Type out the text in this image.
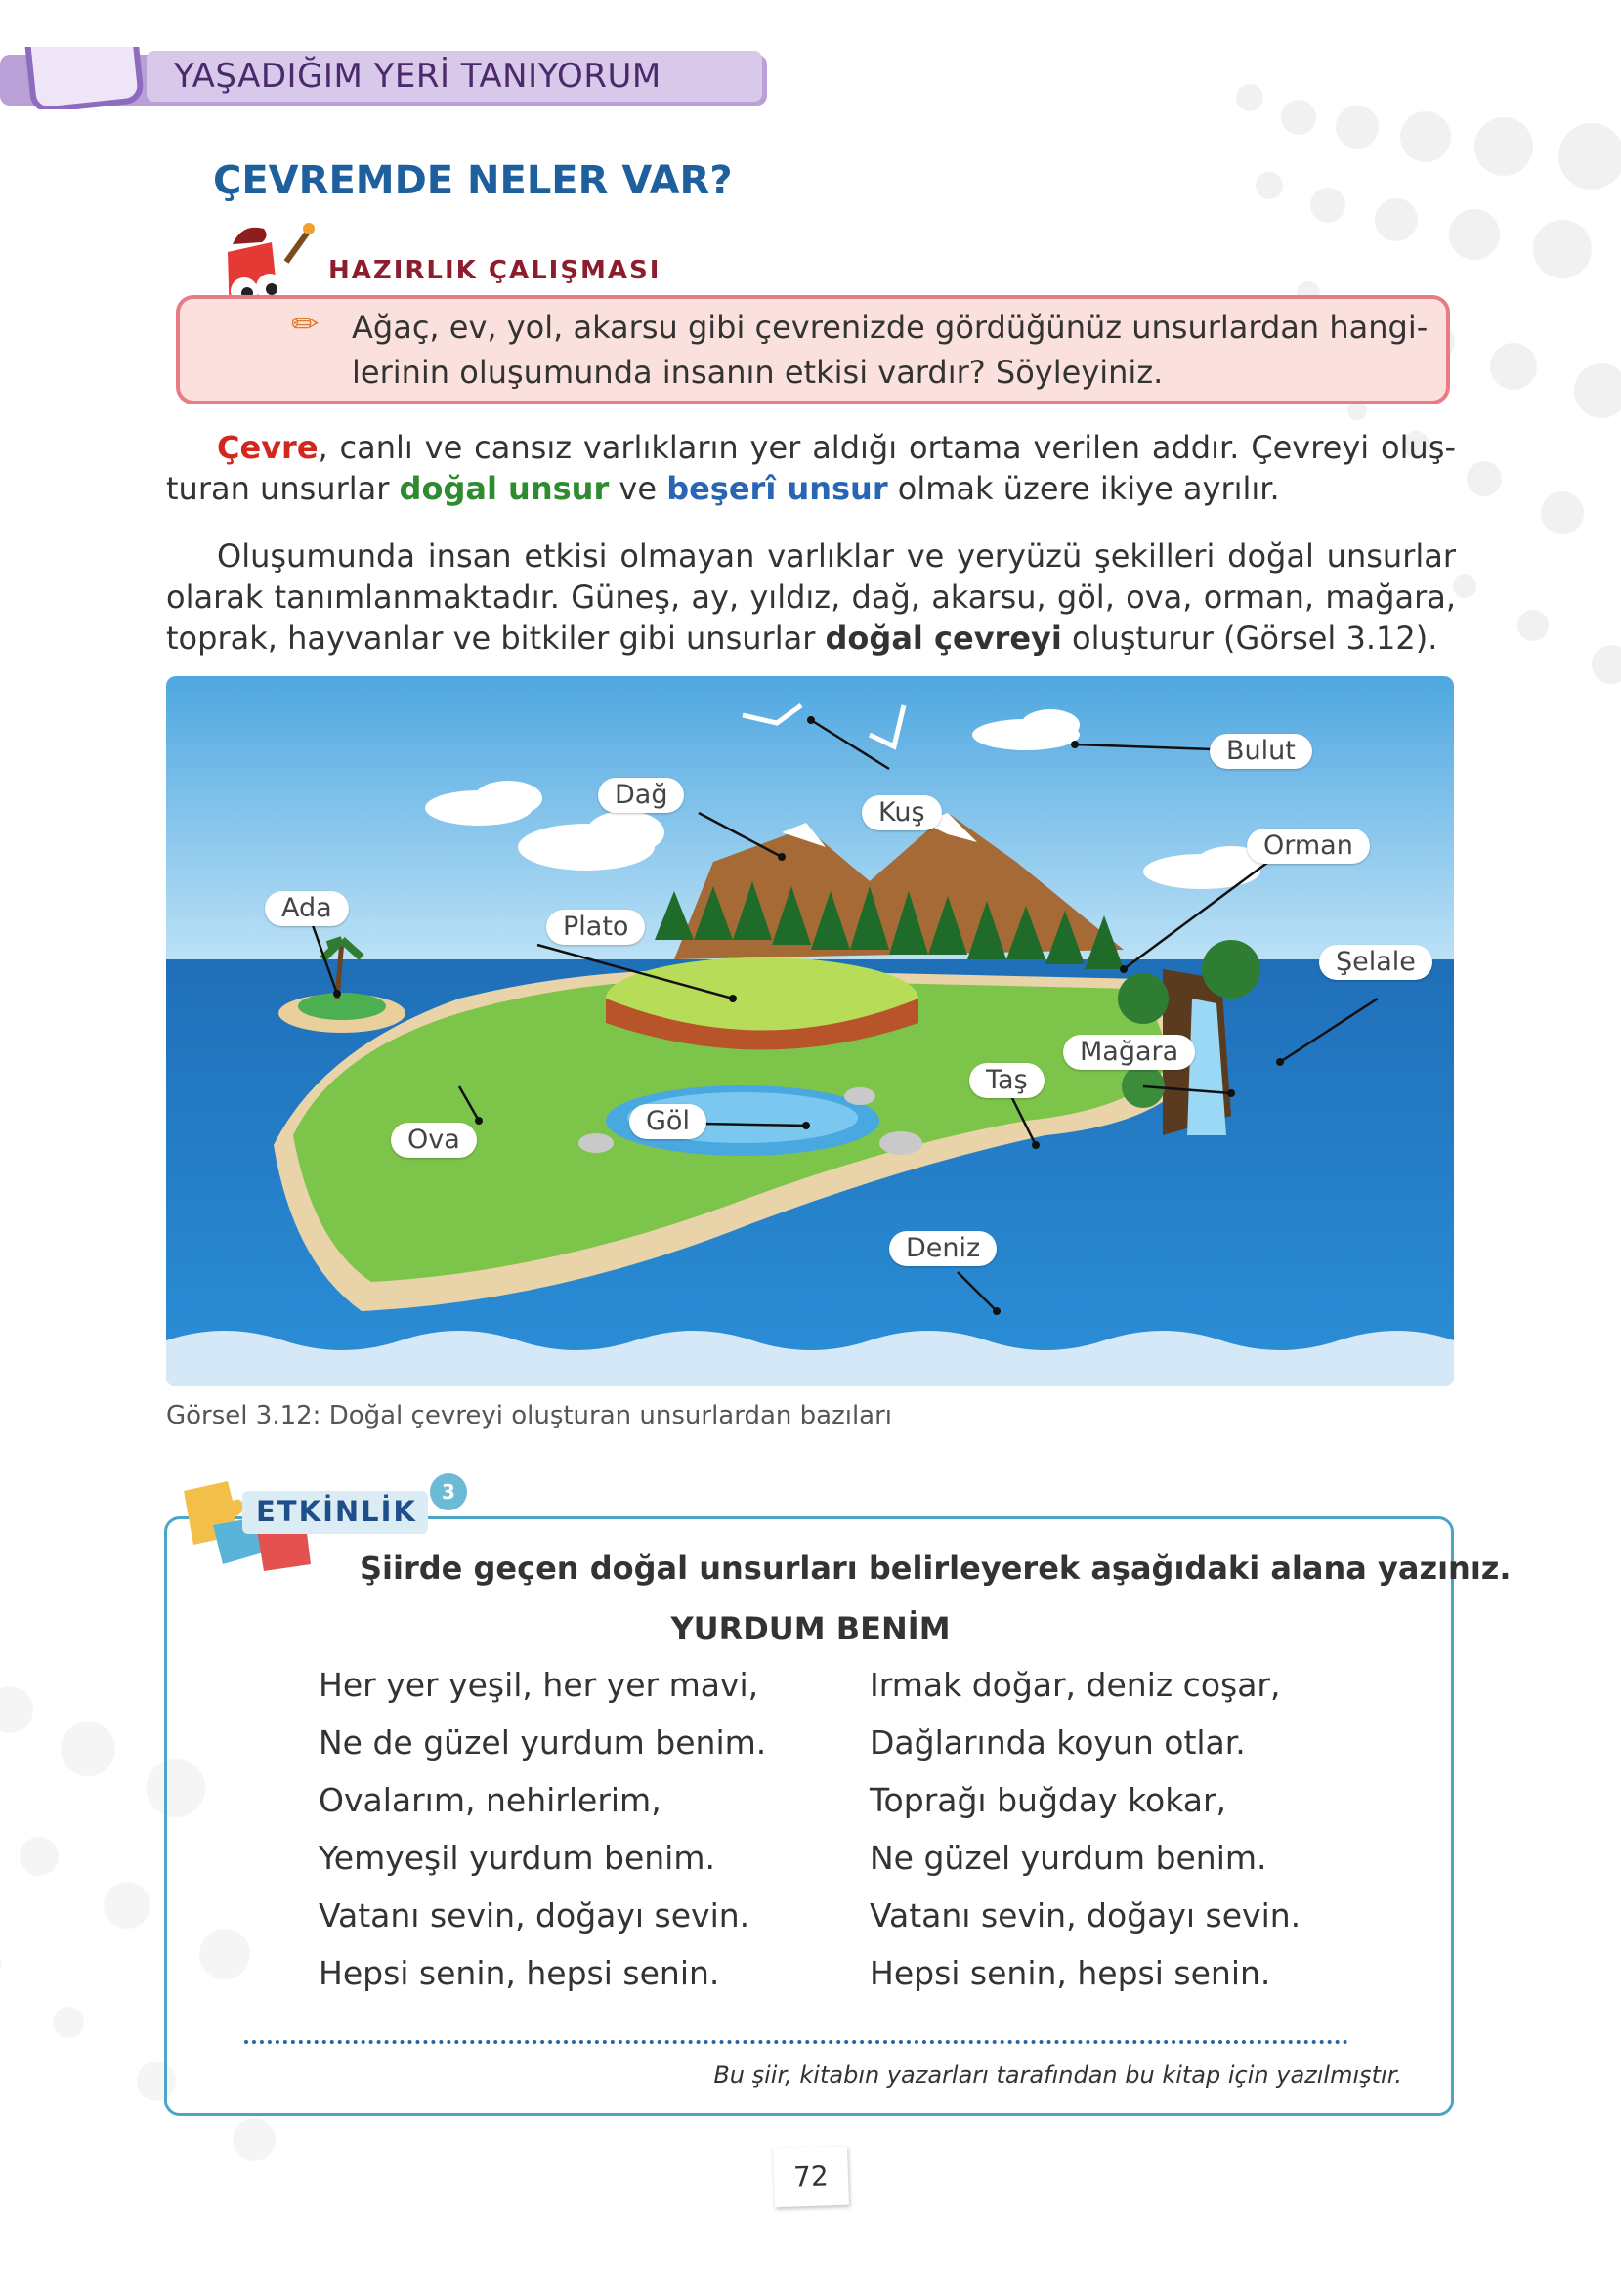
YAŞADIĞIM YERİ TANIYORUM
ÇEVREMDE NELER VAR?
HAZIRLIK ÇALIŞMASI
✏ Ağaç, ev, yol, akarsu gibi çevrenizde gördüğünüz unsurlardan hangi-
lerinin oluşumunda insanın etkisi vardır? Söyleyiniz.
Çevre, canlı ve cansız varlıkların yer aldığı ortama verilen addır. Çevreyi oluş- turan unsurlar doğal unsur ve beşerî unsur olmak üzere ikiye ayrılır.
Oluşumunda insan etkisi olmayan varlıklar ve yeryüzü şekilleri doğal unsurlar olarak tanımlanmaktadır. Güneş, ay, yıldız, dağ, akarsu, göl, ova, orman, mağara, toprak, hayvanlar ve bitkiler gibi unsurlar doğal çevreyi oluşturur (Görsel 3.12).
Bulut
Kuş
Dağ
Orman
Ada
Plato
Şelale
Mağara
Taş
Göl
Ova
Deniz
Görsel 3.12: Doğal çevreyi oluşturan unsurlardan bazıları
ETKİNLİK
3
Şiirde geçen doğal unsurları belirleyerek aşağıdaki alana yazınız.
YURDUM BENİM
Her yer yeşil, her yer mavi,
Ne de güzel yurdum benim.
Ovalarım, nehirlerim,
Yemyeşil yurdum benim.
Vatanı sevin, doğayı sevin.
Hepsi senin, hepsi senin.
Irmak doğar, deniz coşar,
Dağlarında koyun otlar.
Toprağı buğday kokar,
Ne güzel yurdum benim.
Vatanı sevin, doğayı sevin.
Hepsi senin, hepsi senin.
Bu şiir, kitabın yazarları tarafından bu kitap için yazılmıştır.
72
